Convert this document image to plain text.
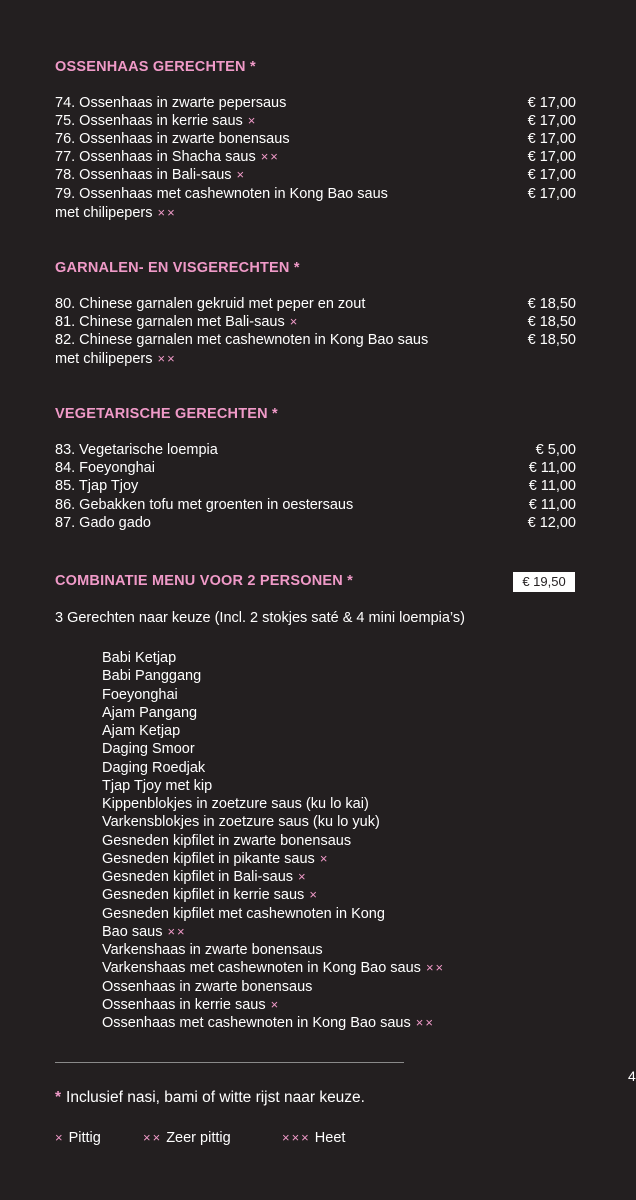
OSSENHAAS GERECHTEN *
74. Ossenhaas in zwarte pepersaus	€ 17,00
75. Ossenhaas in kerrie saus ×	€ 17,00
76. Ossenhaas in zwarte bonensaus	€ 17,00
77. Ossenhaas in Shacha saus ××	€ 17,00
78. Ossenhaas in Bali-saus ×	€ 17,00
79. Ossenhaas met cashewnoten in Kong Bao saus	€ 17,00
met chilipepers ××
GARNALEN- EN VISGERECHTEN *
80. Chinese garnalen gekruid met peper en zout	€ 18,50
81. Chinese garnalen met Bali-saus ×	€ 18,50
82. Chinese garnalen met cashewnoten in Kong Bao saus	€ 18,50
met chilipepers ××
VEGETARISCHE GERECHTEN *
83. Vegetarische loempia	€ 5,00
84. Foeyonghai	€ 11,00
85. Tjap Tjoy	€ 11,00
86. Gebakken tofu met groenten in oestersaus	€ 11,00
87. Gado gado	€ 12,00
COMBINATIE MENU VOOR 2 PERSONEN *	€ 19,50
3 Gerechten naar keuze (Incl. 2 stokjes saté & 4 mini loempia’s)
Babi Ketjap
Babi Panggang
Foeyonghai
Ajam Pangang
Ajam Ketjap
Daging Smoor
Daging Roedjak
Tjap Tjoy met kip
Kippenblokjes in zoetzure saus (ku lo kai)
Varkensblokjes in zoetzure saus (ku lo yuk)
Gesneden kipfilet in zwarte bonensaus
Gesneden kipfilet in pikante saus ×
Gesneden kipfilet in Bali-saus ×
Gesneden kipfilet in kerrie saus ×
Gesneden kipfilet met cashewnoten in Kong
Bao saus ××
Varkenshaas in zwarte bonensaus
Varkenshaas met cashewnoten in Kong Bao saus ××
Ossenhaas in zwarte bonensaus
Ossenhaas in kerrie saus ×
Ossenhaas met cashewnoten in Kong Bao saus ××
4
* Inclusief nasi, bami of witte rijst naar keuze.
× Pittig	×× Zeer pittig	××× Heet
